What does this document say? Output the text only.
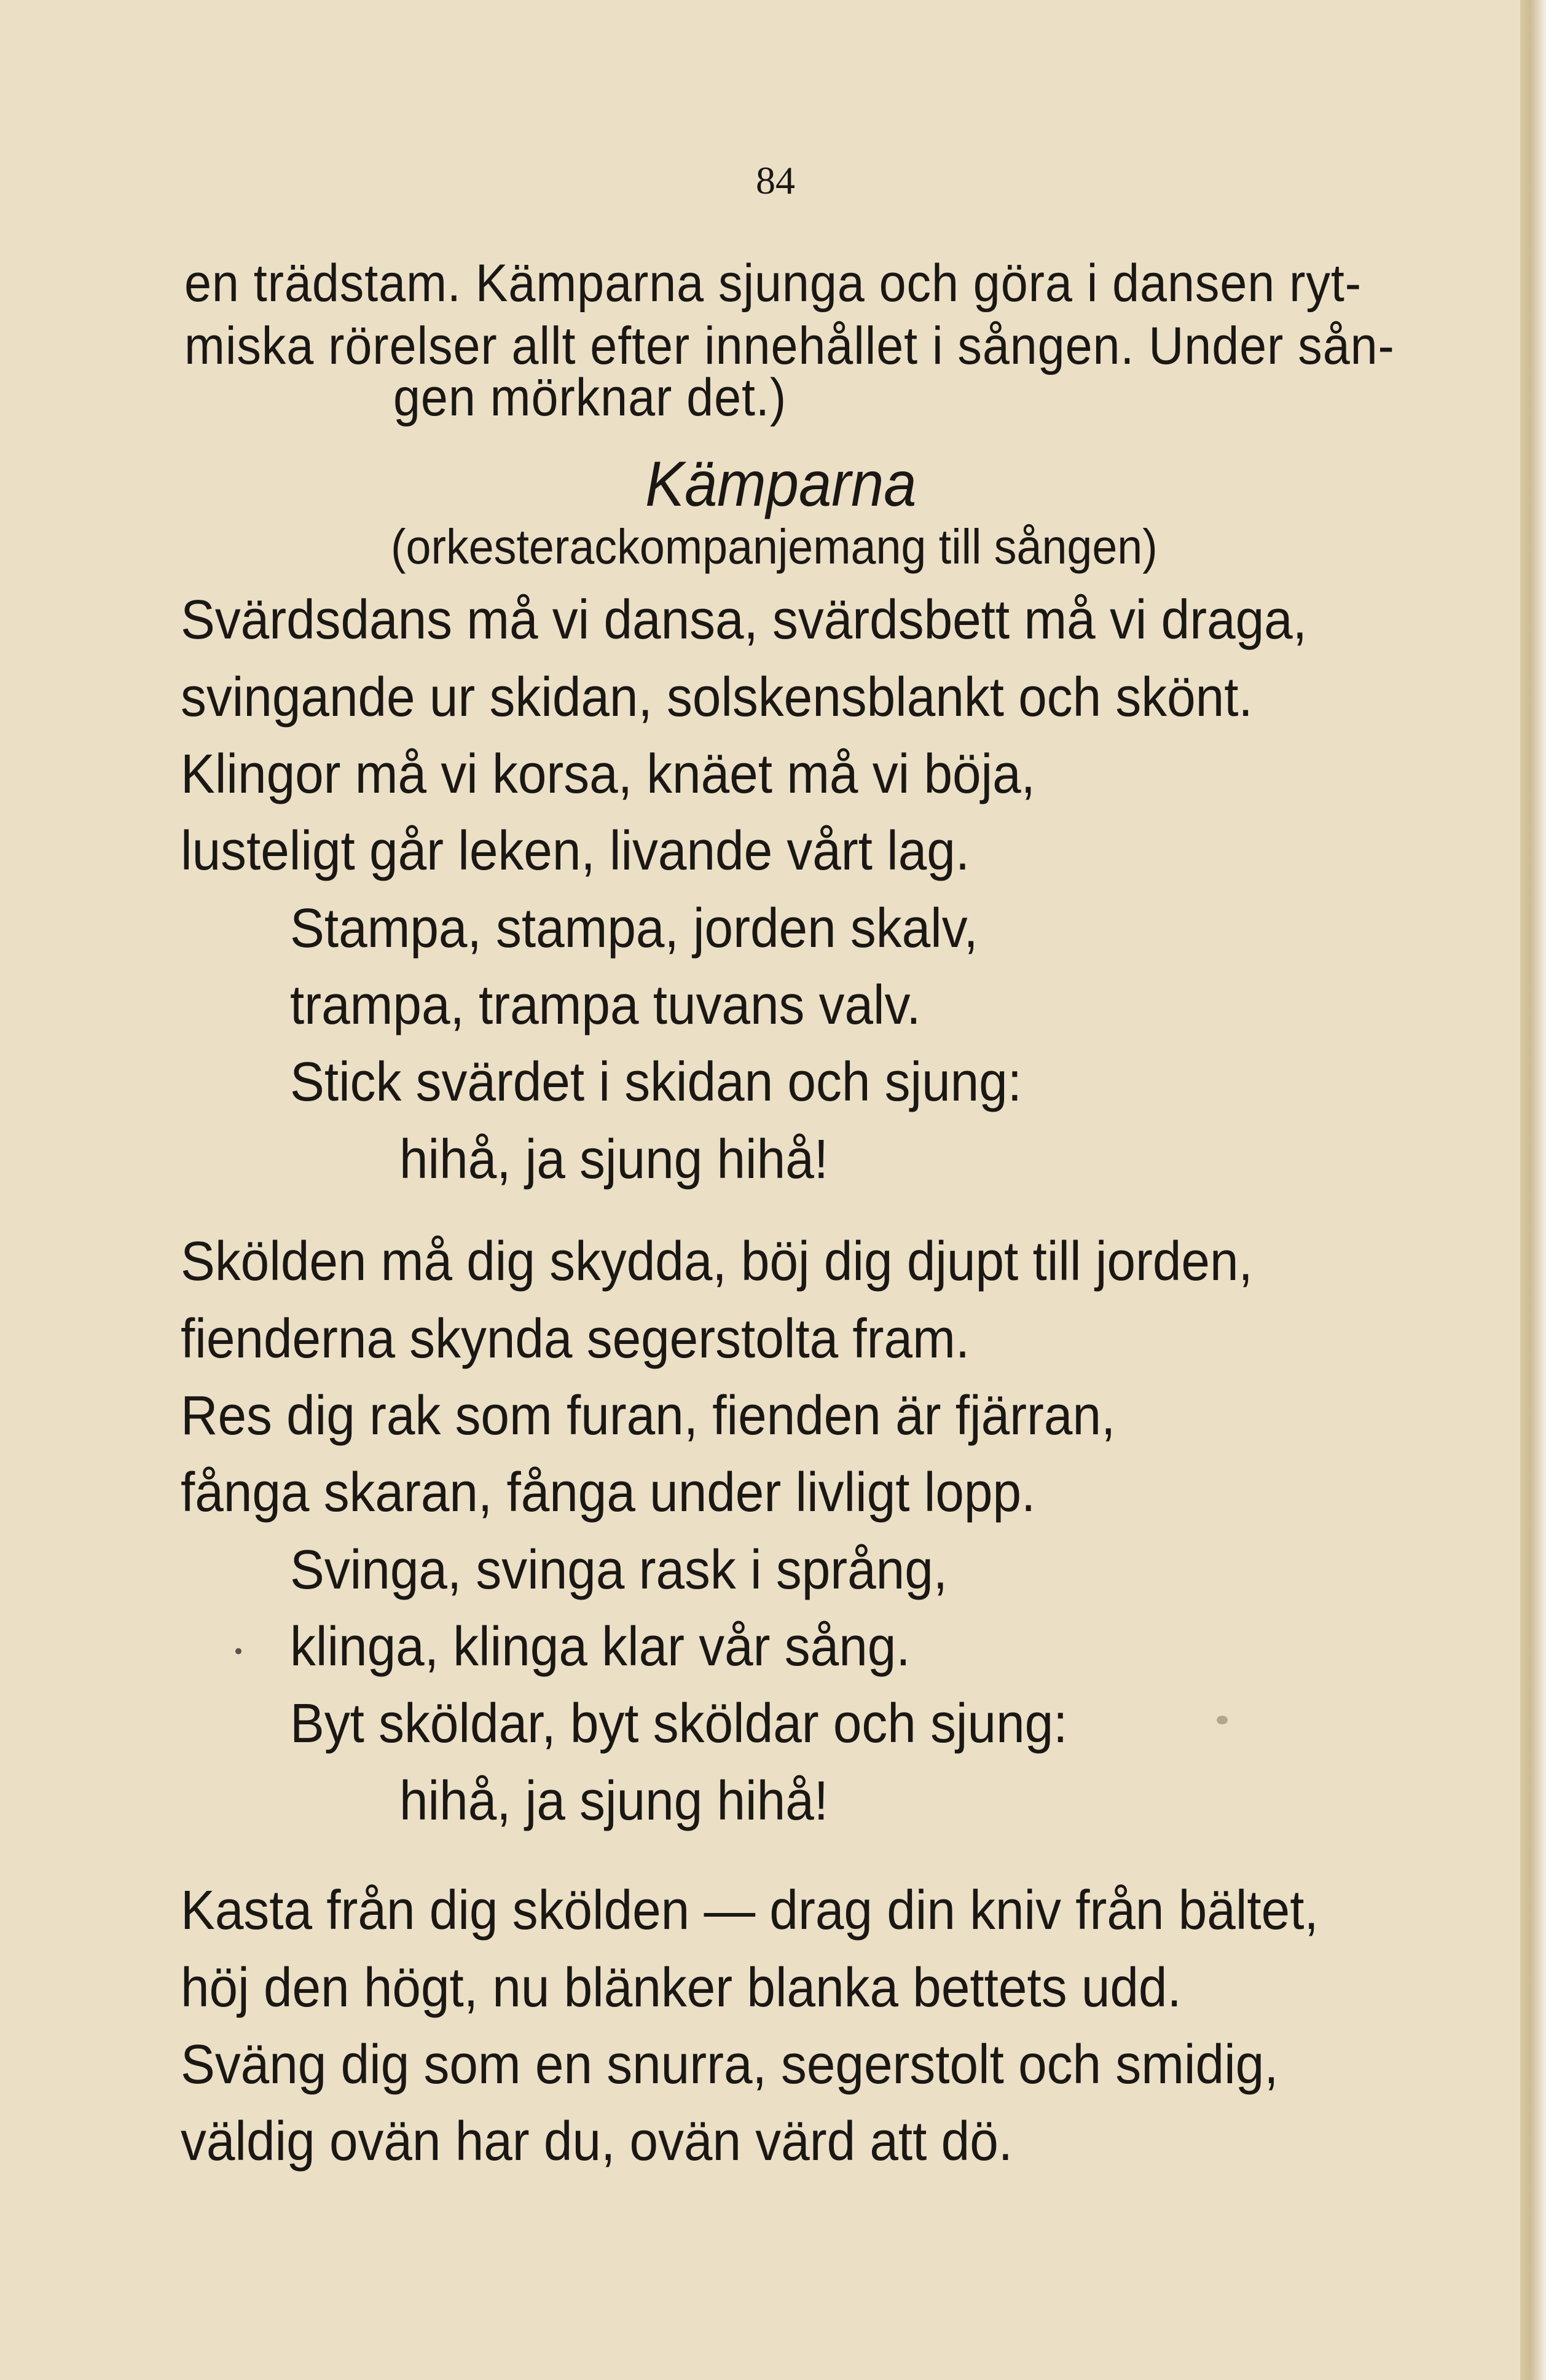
84
en trädstam. Kämparna sjunga och göra i dansen ryt-
miska rörelser allt efter innehållet i sången. Under sån-
gen mörknar det.)
Kämparna
(orkesterackompanjemang till sången)
Svärdsdans må vi dansa, svärdsbett må vi draga,
svingande ur skidan, solskensblankt och skönt.
Klingor må vi korsa, knäet må vi böja,
lusteligt går leken, livande vårt lag.
Stampa, stampa, jorden skalv,
trampa, trampa tuvans valv.
Stick svärdet i skidan och sjung:
hihå, ja sjung hihå!
Skölden må dig skydda, böj dig djupt till jorden,
fienderna skynda segerstolta fram.
Res dig rak som furan, fienden är fjärran,
fånga skaran, fånga under livligt lopp.
Svinga, svinga rask i språng,
klinga, klinga klar vår sång.
Byt sköldar, byt sköldar och sjung:
hihå, ja sjung hihå!
Kasta från dig skölden — drag din kniv från bältet,
höj den högt, nu blänker blanka bettets udd.
Sväng dig som en snurra, segerstolt och smidig,
väldig ovän har du, ovän värd att dö.
